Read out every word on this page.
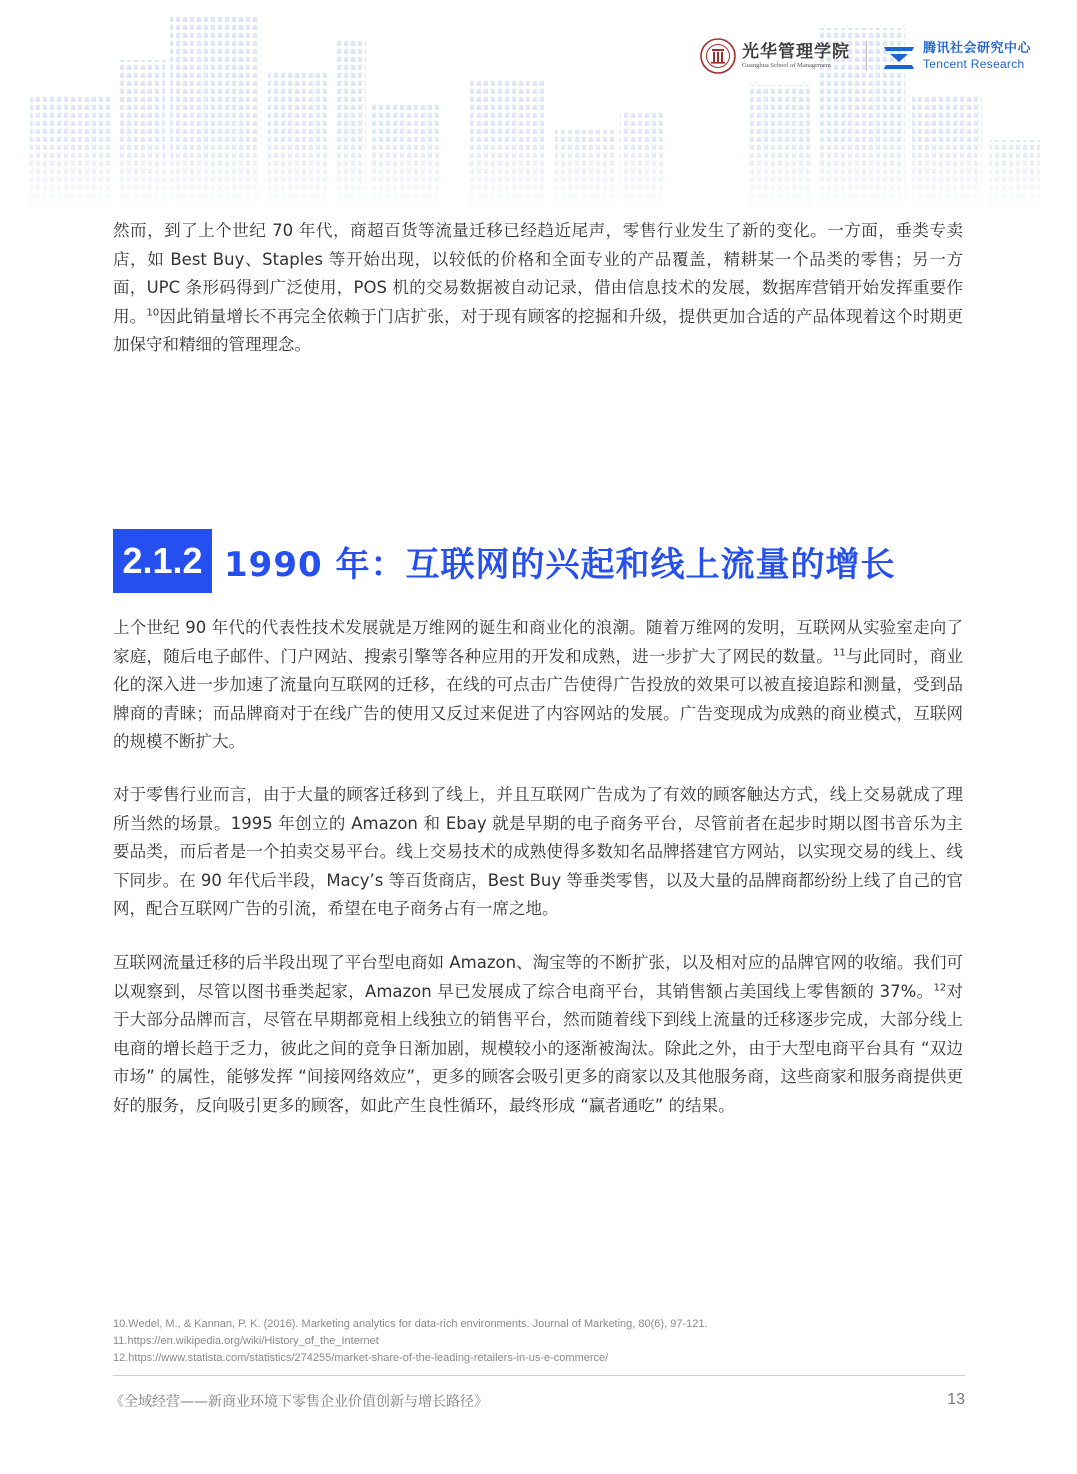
光华管理学院
Guanghua School of Management
腾讯社会研究中心
Tencent Research

然而，到了上个世纪 70 年代，商超百货等流量迁移已经趋近尾声，零售行业发生了新的变化。一方面，垂类专卖店，如 Best Buy、Staples 等开始出现，以较低的价格和全面专业的产品覆盖，精耕某一个品类的零售；另一方面，UPC 条形码得到广泛使用，POS 机的交易数据被自动记录，借由信息技术的发展，数据库营销开始发挥重要作用。$^{10}$因此销量增长不再完全依赖于门店扩张，对于现有顾客的挖掘和升级，提供更加合适的产品体现着这个时期更加保守和精细的管理理念。

2.1.2 1990 年：互联网的兴起和线上流量的增长

上个世纪 90 年代的代表性技术发展就是万维网的诞生和商业化的浪潮。随着万维网的发明，互联网从实验室走向了家庭，随后电子邮件、门户网站、搜索引擎等各种应用的开发和成熟，进一步扩大了网民的数量。$^{11}$与此同时，商业化的深入进一步加速了流量向互联网的迁移，在线的可点击广告使得广告投放的效果可以被直接追踪和测量，受到品牌商的青睐；而品牌商对于在线广告的使用又反过来促进了内容网站的发展。广告变现成为成熟的商业模式，互联网的规模不断扩大。

对于零售行业而言，由于大量的顾客迁移到了线上，并且互联网广告成为了有效的顾客触达方式，线上交易就成了理所当然的场景。1995 年创立的 Amazon 和 Ebay 就是早期的电子商务平台，尽管前者在起步时期以图书音乐为主要品类，而后者是一个拍卖交易平台。线上交易技术的成熟使得多数知名品牌搭建官方网站，以实现交易的线上、线下同步。在 90 年代后半段，Macy’s 等百货商店，Best Buy 等垂类零售，以及大量的品牌商都纷纷上线了自己的官网，配合互联网广告的引流，希望在电子商务占有一席之地。

互联网流量迁移的后半段出现了平台型电商如 Amazon、淘宝等的不断扩张，以及相对应的品牌官网的收缩。我们可以观察到，尽管以图书垂类起家，Amazon 早已发展成了综合电商平台，其销售额占美国线上零售额的 37%。$^{12}$对于大部分品牌而言，尽管在早期都竟相上线独立的销售平台，然而随着线下到线上流量的迁移逐步完成，大部分线上电商的增长趋于乏力，彼此之间的竞争日渐加剧，规模较小的逐渐被淘汰。除此之外，由于大型电商平台具有 “双边市场” 的属性，能够发挥 “间接网络效应”，更多的顾客会吸引更多的商家以及其他服务商，这些商家和服务商提供更好的服务，反向吸引更多的顾客，如此产生良性循环，最终形成 “赢者通吃” 的结果。

10.Wedel, M., & Kannan, P. K. (2016). Marketing analytics for data-rich environments. Journal of Marketing, 80(6), 97-121.
11.https://en.wikipedia.org/wiki/History_of_the_Internet
12.https://www.statista.com/statistics/274255/market-share-of-the-leading-retailers-in-us-e-commerce/
《全域经营——新商业环境下零售企业价值创新与增长路径》	13
